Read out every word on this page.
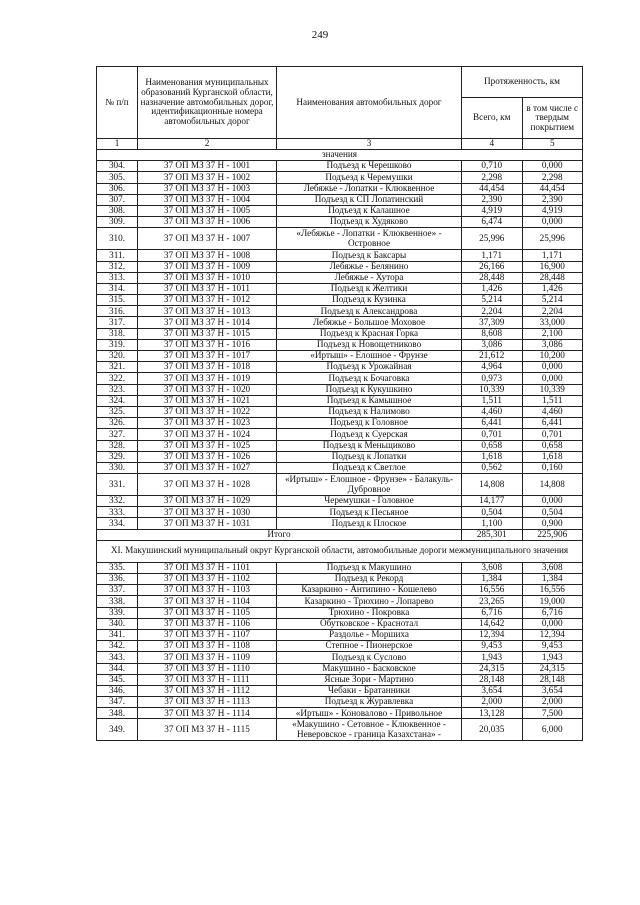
249
№ п/п	Наименования муниципальных образований Курганской области, назначение автомобильных дорог, идентификационные номера автомобильных дорог	Наименования автомобильных дорог	Протяженность, км	
			Всего, км	в том числе с твердым покрытием
1	2	3	4	5
значения				
304.	37 ОП МЗ 37 Н - 1001	Подъезд к Черешково	0,710	0,000
305.	37 ОП МЗ 37 Н - 1002	Подъезд к Черемушки	2,298	2,298
306.	37 ОП МЗ 37 Н - 1003	Лебяжье - Лопатки - Клюквенное	44,454	44,454
307.	37 ОП МЗ 37 Н - 1004	Подъезд к СП Лопатинский	2,390	2,390
308.	37 ОП МЗ 37 Н - 1005	Подъезд к Калашное	4,919	4,919
309.	37 ОП МЗ 37 Н - 1006	Подъезд к Худяково	6,474	0,000
310.	37 ОП МЗ 37 Н - 1007	«Лебяжье - Лопатки - Клюквенное» - Островное	25,996	25,996
311.	37 ОП МЗ 37 Н - 1008	Подъезд к Баксары	1,171	1,171
312.	37 ОП МЗ 37 Н - 1009	Лебяжье - Белянино	26,166	16,900
313.	37 ОП МЗ 37 Н - 1010	Лебяжье - Хутора	28,448	28,448
314.	37 ОП МЗ 37 Н - 1011	Подъезд к Желтики	1,426	1,426
315.	37 ОП МЗ 37 Н - 1012	Подъезд к Кузинка	5,214	5,214
316.	37 ОП МЗ 37 Н - 1013	Подъезд к Александрова	2,204	2,204
317.	37 ОП МЗ 37 Н - 1014	Лебяжье - Большое Моховое	37,309	33,000
318.	37 ОП МЗ 37 Н - 1015	Подъезд к Красная Горка	8,608	2,100
319.	37 ОП МЗ 37 Н - 1016	Подъезд к Новощетниково	3,086	3,086
320.	37 ОП МЗ 37 Н - 1017	«Иртыш» - Елошное - Фрунзе	21,612	10,200
321.	37 ОП МЗ 37 Н - 1018	Подъезд к Урожайная	4,964	0,000
322.	37 ОП МЗ 37 Н - 1019	Подъезд к Бочаговка	0,973	0,000
323.	37 ОП МЗ 37 Н - 1020	Подъезд к Кукушкино	10,339	10,339
324.	37 ОП МЗ 37 Н - 1021	Подъезд к Камышное	1,511	1,511
325.	37 ОП МЗ 37 Н - 1022	Подъезд к Налимово	4,460	4,460
326.	37 ОП МЗ 37 Н - 1023	Подъезд к Головное	6,441	6,441
327.	37 ОП МЗ 37 Н - 1024	Подъезд к Суерская	0,701	0,701
328.	37 ОП МЗ 37 Н - 1025	Подъезд к Меньщиково	0,658	0,658
329.	37 ОП МЗ 37 Н - 1026	Подъезд к Лопатки	1,618	1,618
330.	37 ОП МЗ 37 Н - 1027	Подъезд к Светлое	0,562	0,160
331.	37 ОП МЗ 37 Н - 1028	«Иртыш» - Елошное - Фрунзе» - Балакуль- Дубровное	14,808	14,808
332.	37 ОП МЗ 37 Н - 1029	Черемушки - Головное	14,177	0,000
333.	37 ОП МЗ 37 Н - 1030	Подъезд к Песьяное	0,504	0,504
334.	37 ОП МЗ 37 Н - 1031	Подъезд к Плоское	1,100	0,900
Итого			285,301	225,906
XI. Макушинский муниципальный округ Курганской области, автомобильные дороги межмуниципального значения				
335.	37 ОП МЗ 37 Н - 1101	Подъезд к Макушино	3,608	3,608
336.	37 ОП МЗ 37 Н - 1102	Подъезд к Рекорд	1,384	1,384
337.	37 ОП МЗ 37 Н - 1103	Казаркино - Антипино - Кошелево	16,556	16,556
338.	37 ОП МЗ 37 Н - 1104	Казаркино - Трюхино - Лопарево	23,265	19,000
339.	37 ОП МЗ 37 Н - 1105	Трюхино - Покровка	6,716	6,716
340.	37 ОП МЗ 37 Н - 1106	Обутковское - Краснотал	14,642	0,000
341.	37 ОП МЗ 37 Н - 1107	Раздолье - Моршиха	12,394	12,394
342.	37 ОП МЗ 37 Н - 1108	Степное - Пионерское	9,453	9,453
343.	37 ОП МЗ 37 Н - 1109	Подъезд к Суслово	1,943	1,943
344.	37 ОП МЗ 37 Н - 1110	Макушино - Басковское	24,315	24,315
345.	37 ОП МЗ 37 Н - 1111	Ясные Зори - Мартино	28,148	28,148
346.	37 ОП МЗ 37 Н - 1112	Чебаки - Братанники	3,654	3,654
347.	37 ОП МЗ 37 Н - 1113	Подъезд к Журавлевка	2,000	2,000
348.	37 ОП МЗ 37 Н - 1114	«Иртыш» - Коновалово - Привольное	13,128	7,500
349.	37 ОП МЗ 37 Н - 1115	«Макушино - Сетовное - Клюквенное - Неверовское - граница Казахстана» -	20,035	6,000
